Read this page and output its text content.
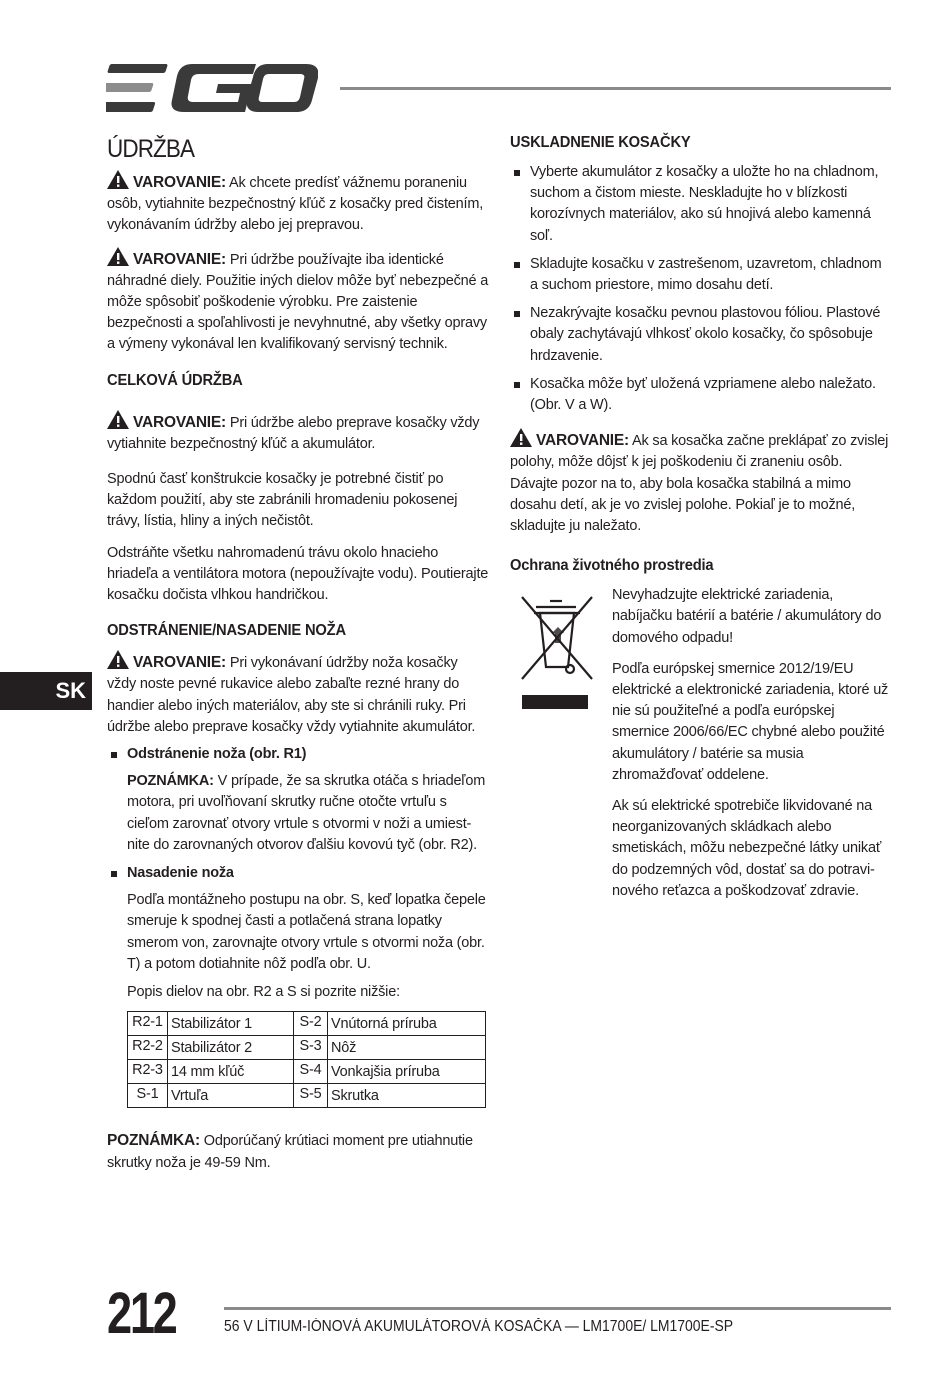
SK
ÚDRŽBA

VAROVANIE: Ak chcete predísť vážnemu poraneniu osôb, vytiahnite bezpečnostný kľúč z kosačky pred čistením, vykonávaním údržby alebo jej prepravou.

VAROVANIE: Pri údržbe používajte iba identické náhradné diely. Použitie iných dielov môže byť nebezpečné a môže spôsobiť poškodenie výrobku. Pre zaistenie bezpečnosti a spoľahlivosti je nevyhnutné, aby všetky opravy a výmeny vykonával len kvalifikovaný servisný technik.

CELKOVÁ ÚDRŽBA

VAROVANIE: Pri údržbe alebo preprave kosačky vždy vytiahnite bezpečnostný kľúč a akumulátor.

Spodnú časť konštrukcie kosačky je potrebné čistiť po každom použití, aby ste zabránili hromadeniu pokosenej trávy, lístia, hliny a iných nečistôt.

Odstráňte všetku nahromadenú trávu okolo hnacieho hriadeľa a ventilátora motora (nepoužívajte vodu). Poutierajte kosačku dočista vlhkou handričkou.

ODSTRÁNENIE/NASADENIE NOŽA

VAROVANIE: Pri vykonávaní údržby noža kosačky vždy noste pevné rukavice alebo zabaľte rezné hrany do handier alebo iných materiálov, aby ste si chránili ruky. Pri údržbe alebo preprave kosačky vždy vytiahnite akumulátor.

Odstránenie noža (obr. R1)

POZNÁMKA: V prípade, že sa skrutka otáča s hriadeľom motora, pri uvoľňovaní skrutky ručne otočte vrtuľu s cieľom zarovnať otvory vrtule s otvormi v noži a umiestnite do zarovnaných otvorov ďalšiu kovovú tyč (obr. R2).

Nasadenie noža

Podľa montážneho postupu na obr. S, keď lopatka čepele smeruje k spodnej časti a potlačená strana lopatky smerom von, zarovnajte otvory vrtule s otvormi noža (obr. T) a potom dotiahnite nôž podľa obr. U.

Popis dielov na obr. R2 a S si pozrite nižšie:

R2-1	Stabilizátor 1	S-2	Vnútorná príruba
R2-2	Stabilizátor 2	S-3	Nôž
R2-3	14 mm kľúč	S-4	Vonkajšia príruba
S-1	Vrtuľa	S-5	Skrutka

POZNÁMKA: Odporúčaný krútiaci moment pre utiahnutie skrutky noža je 49-59 Nm.

USKLADNENIE KOSAČKY
Vyberte akumulátor z kosačky a uložte ho na chladnom, suchom a čistom mieste. Neskladujte ho v blízkosti korozívnych materiálov, ako sú hnojivá alebo kamenná soľ.
Skladujte kosačku v zastrešenom, uzavretom, chladnom a suchom priestore, mimo dosahu detí.
Nezakrývajte kosačku pevnou plastovou fóliou. Plastové obaly zachytávajú vlhkosť okolo kosačky, čo spôsobuje hrdzavenie.
Kosačka môže byť uložená vzpriamene alebo naležato. (Obr. V a W).

VAROVANIE: Ak sa kosačka začne preklápať zo zvislej polohy, môže dôjsť k jej poškodeniu či zraneniu osôb. Dávajte pozor na to, aby bola kosačka stabilná a mimo dosahu detí, ak je vo zvislej polohe. Pokiaľ je to možné, skladujte ju naležato.

Ochrana životného prostredia

Nevyhadzujte elektrické zariadenia, nabíjačku batérií a batérie / akumulátory do domového odpadu!

Podľa európskej smernice 2012/19/EU elektrické a elektronické zariadenia, ktoré už nie sú použiteľné a podľa európskej smernice 2006/66/EC chybné alebo použité akumulátory / batérie sa musia zhromažďovať oddelene.

Ak sú elektrické spotrebiče likvidované na neorganizovaných skládkach alebo smetiskách, môžu nebezpečné látky unikať do podzemných vôd, dostať sa do potravinového reťazca a poškodzovať zdravie.

212	56 V LÍTIUM-IÓNOVÁ AKUMULÁTOROVÁ KOSAČKA — LM1700E/ LM1700E-SP
